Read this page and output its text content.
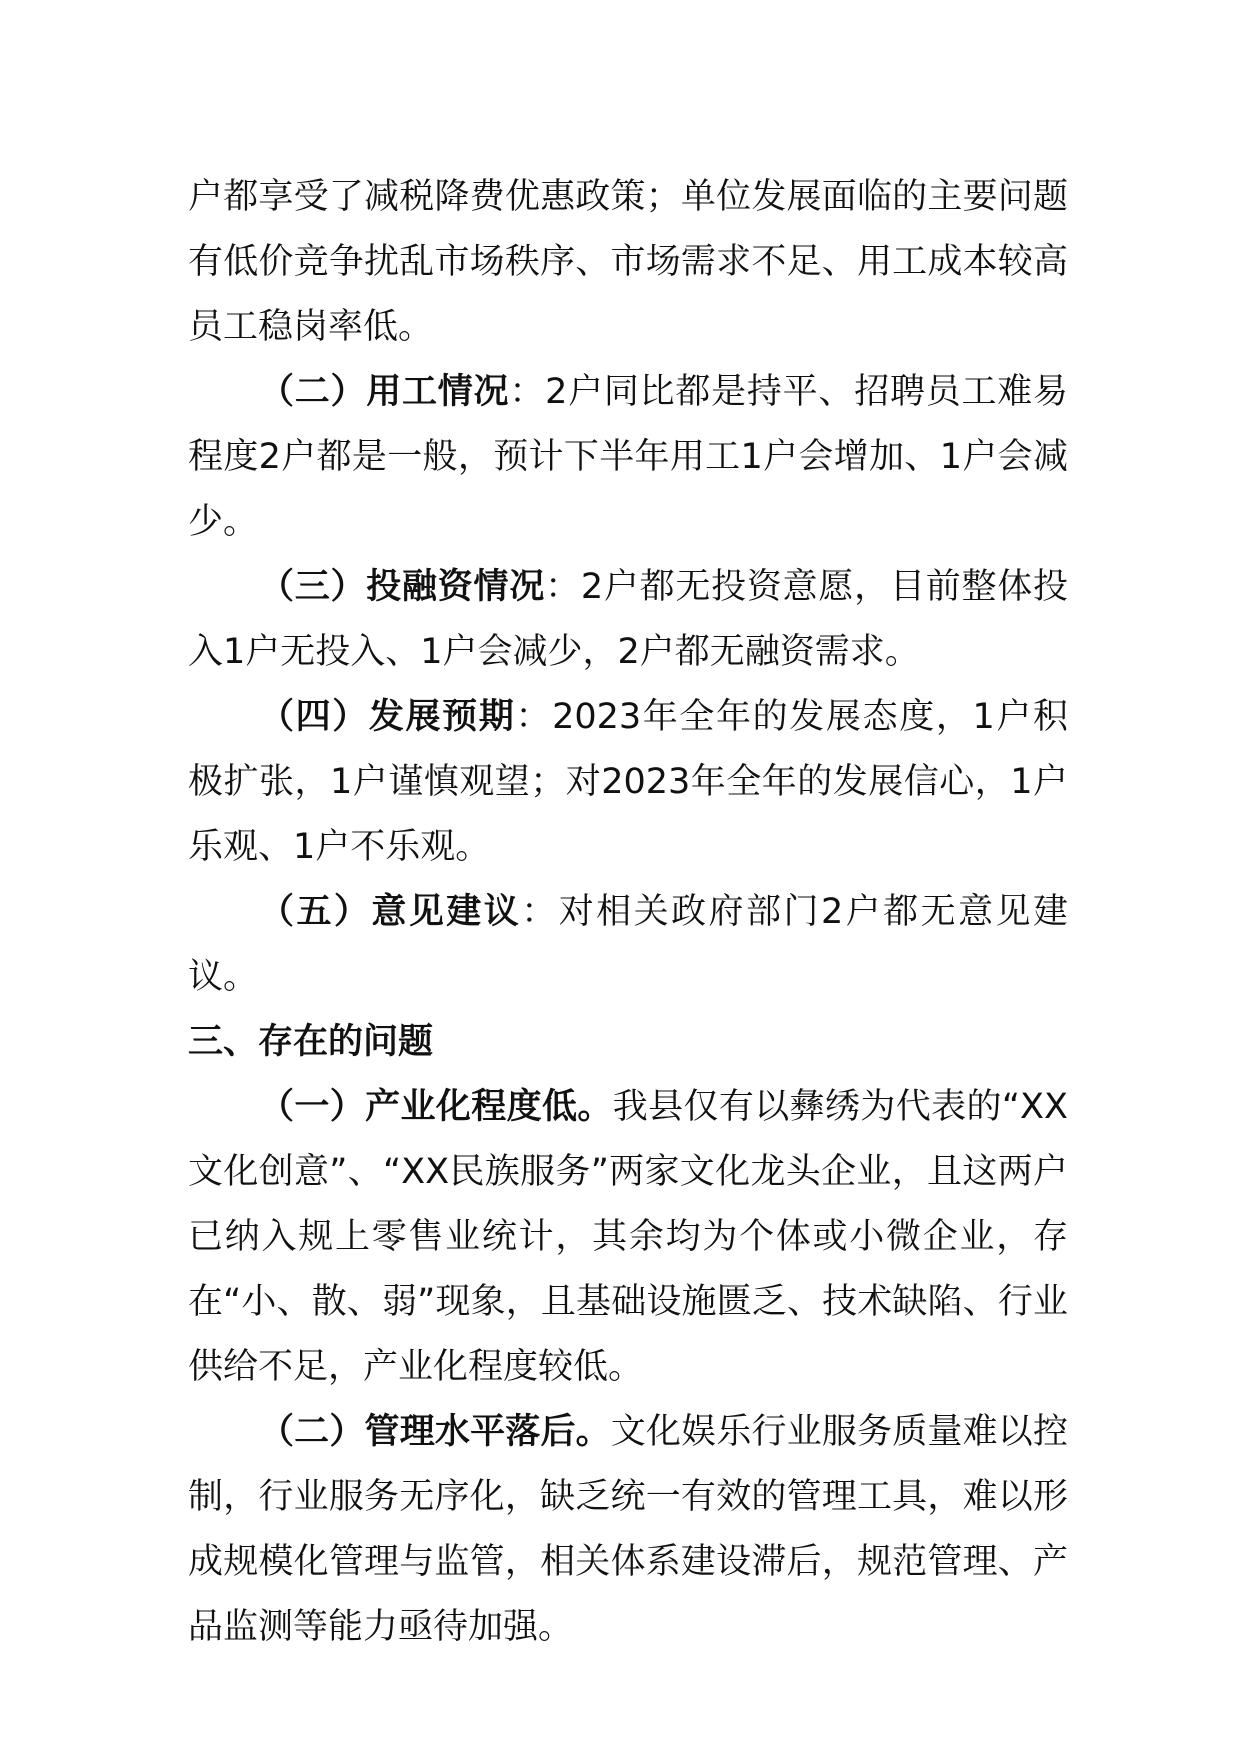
户都享受了减税降费优惠政策；单位发展面临的主要问题有低价竞争扰乱市场秩序、市场需求不足、用工成本较高员工稳岗率低。

（二）用工情况：2户同比都是持平、招聘员工难易程度2户都是一般，预计下半年用工1户会增加、1户会减少。

（三）投融资情况：2户都无投资意愿，目前整体投入1户无投入、1户会减少，2户都无融资需求。

（四）发展预期：2023年全年的发展态度，1户积极扩张，1户谨慎观望；对2023年全年的发展信心，1户乐观、1户不乐观。

（五）意见建议：对相关政府部门2户都无意见建议。

三、存在的问题

（一）产业化程度低。我县仅有以彝绣为代表的“XX文化创意”、“XX民族服务”两家文化龙头企业，且这两户已纳入规上零售业统计，其余均为个体或小微企业，存在“小、散、弱”现象，且基础设施匮乏、技术缺陷、行业供给不足，产业化程度较低。

（二）管理水平落后。文化娱乐行业服务质量难以控制，行业服务无序化，缺乏统一有效的管理工具，难以形成规模化管理与监管，相关体系建设滞后，规范管理、产品监测等能力亟待加强。
